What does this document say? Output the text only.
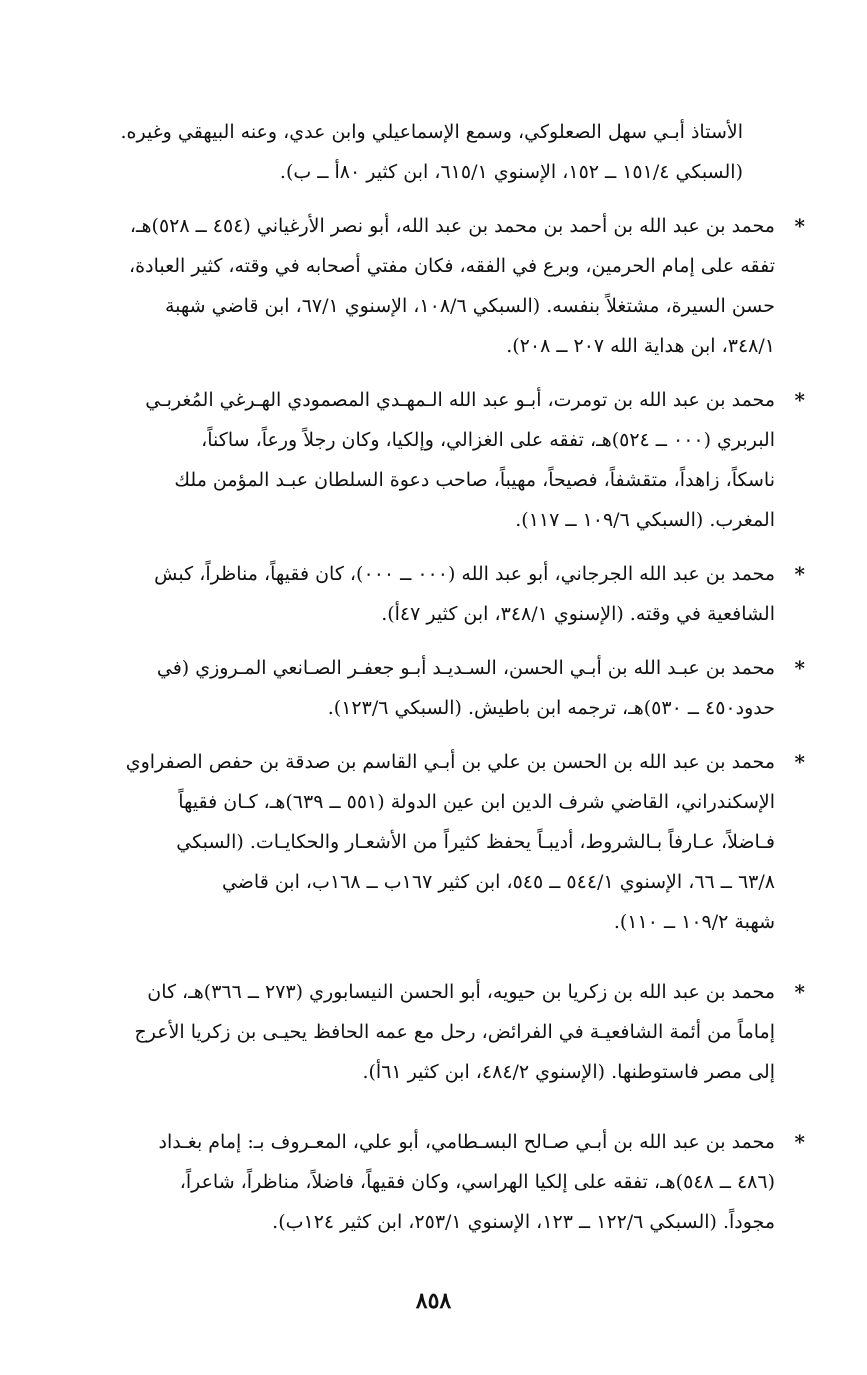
الأستاذ أبـي سهل الصعلوكي، وسمع الإسماعيلي وابن عدي، وعنه البيهقي وغيره.
(السبكي ١٥١/٤ ــ ١٥٢، الإسنوي ٦١٥/١، ابن كثير ٨٠أ ــ ب).
*
محمد بن عبد الله بن أحمد بن محمد بن عبد الله، أبو نصر الأرغياني (٤٥٤ ــ ٥٢٨)هـ،
تفقه على إمام الحرمين، وبرع في الفقه، فكان مفتي أصحابه في وقته، كثير العبادة،
حسن السيرة، مشتغلاً بنفسه. (السبكي ١٠٨/٦، الإسنوي ٦٧/١، ابن قاضي شهبة
٣٤٨/١، ابن هداية الله ٢٠٧ ــ ٢٠٨).
*
محمد بن عبد الله بن تومرت، أبـو عبد الله الـمهـدي المصمودي الهـرغي المُغربـي
البربري (٠٠٠ ــ ٥٢٤)هـ، تفقه على الغزالي، وإلكيا، وكان رجلاً ورعاً، ساكناً،
ناسكاً، زاهداً، متقشفاً، فصيحاً، مهيباً، صاحب دعوة السلطان عبـد المؤمن ملك
المغرب. (السبكي ١٠٩/٦ ــ ١١٧).
*
محمد بن عبد الله الجرجاني، أبو عبد الله (٠٠٠ ــ ٠٠٠)، كان فقيهاً، مناظراً، كبش
الشافعية في وقته. (الإسنوي ٣٤٨/١، ابن كثير ٤٧أ).
*
محمد بن عبـد الله بن أبـي الحسن، السـديـد أبـو جعفـر الصـانعي المـروزي (في
حدود٤٥٠ ــ ٥٣٠)هـ، ترجمه ابن باطيش. (السبكي ١٢٣/٦).
*
محمد بن عبد الله بن الحسن بن علي بن أبـي القاسم بن صدقة بن حفص الصفراوي
الإسكندراني، القاضي شرف الدين ابن عين الدولة (٥٥١ ــ ٦٣٩)هـ، كـان فقيهاً
فـاضلاً، عـارفاً بـالشروط، أديبـاً يحفظ كثيراً من الأشعـار والحكايـات. (السبكي
٦٣/٨ ــ ٦٦، الإسنوي ٥٤٤/١ ــ ٥٤٥، ابن كثير ١٦٧ب ــ ١٦٨ب، ابن قاضي
شهبة ١٠٩/٢ ــ ١١٠).
*
محمد بن عبد الله بن زكريا بن حيويه، أبو الحسن النيسابوري (٢٧٣ ــ ٣٦٦)هـ، كان
إماماً من أئمة الشافعيـة في الفرائض، رحل مع عمه الحافظ يحيـى بن زكريا الأعرج
إلى مصر فاستوطنها. (الإسنوي ٤٨٤/٢، ابن كثير ٦١أ).
*
محمد بن عبد الله بن أبـي صـالح البسـطامي، أبو علي، المعـروف بـ: إمام بغـداد
(٤٨٦ ــ ٥٤٨)هـ، تفقه على إلكيا الهراسي، وكان فقيهاً، فاضلاً، مناظراً، شاعراً،
مجوداً. (السبكي ١٢٢/٦ ــ ١٢٣، الإسنوي ٢٥٣/١، ابن كثير ١٢٤ب).
٨٥٨
